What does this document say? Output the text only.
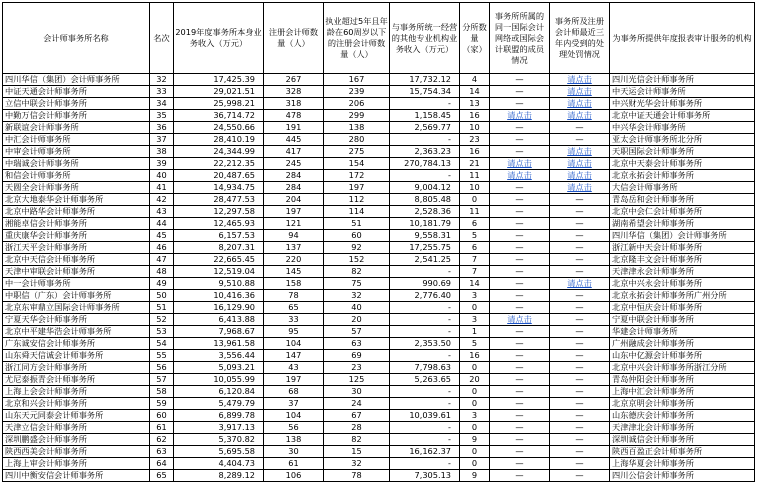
会计师事务所名称	名次	2019年度事务所本身业务收入（万元）	注册会计师数量（人）	执业超过5年且年龄在60周岁以下的注册会计师数量（人）	与事务所统一经营的其他专业机构业务收入（万元）	分所数量（家）	事务所所属的同一国际会计网络或国际会计联盟的成员情况	事务所及注册会计师最近三年内受到的处理处罚情况	为事务所提供年度报表审计服务的机构
四川华信（集团）会计师事务所	32	17,425.39	267	167	17,732.12	4	—	请点击	四川光信会计师事务所
中证天通会计师事务所	33	29,021.51	328	239	15,754.34	14	—	请点击	中天运会计师事务所
立信中联会计师事务所	34	25,998.21	318	206	-	13	—	请点击	中兴财光华会计师事务所
中勤万信会计师事务所	35	36,714.72	478	299	1,158.45	16	请点击	请点击	北京中证天通会计师事务所
新联谊会计师事务所	36	24,550.66	191	138	2,569.77	10	—	—	中兴华会计师事务所
中汇会计师事务所	37	28,410.19	445	280	-	23	—	—	亚太会计师事务所北分所
中审会计师事务所	38	24,344.99	417	275	2,363.23	16	—	请点击	天职国际会计师事务所
中瑞诚会计师事务所	39	22,212.35	245	154	270,784.13	21	请点击	请点击	北京中天泰会计师事务所
和信会计师事务所	40	20,487.65	284	172	-	11	请点击	请点击	北京永拓会计师事务所
天圆全会计师事务所	41	14,934.75	284	197	9,004.12	10	—	请点击	大信会计师事务所
北京大地泰华会计师事务所	42	28,477.53	204	112	8,805.48	0	—	—	青岛岳和会计师事务所
北京中路华会计师事务所	43	12,297.58	197	114	2,528.36	11	—	—	北京中会仁会计师事务所
湘能卓信会计师事务所	44	12,465.93	121	51	10,181.79	6	—	—	湖南希望会计师事务所
重庆康华会计师事务所	45	6,157.53	94	60	9,558.31	5	—	—	四川华信（集团）会计师事务所
浙江天平会计师事务所	46	8,207.31	137	92	17,255.75	6	—	—	浙江新中天会计师事务所
北京中天信会计师事务所	47	22,665.45	220	152	2,541.25	7	—	—	北京隆丰文会计师事务所
天津中审联会计师事务所	48	12,519.04	145	82	-	7	—	—	天津津永会计师事务所
中一会计师事务所	49	9,510.88	158	75	990.69	14	—	请点击	北京中兴永会计师事务所
中职信（广东）会计师事务所	50	10,416.36	78	32	2,776.40	3	—	—	北京永拓会计师事务所广州分所
北京东审鼎立国际会计师事务所	51	16,129.90	65	40	-	0	—	—	北京中恒庆会计师事务所
宁夏天华会计师事务所	52	6,413.88	33	20	-	3	请点击	—	宁夏中联会计师事务所
北京中平建华浩会计师事务所	53	7,968.67	95	57	-	1	—	—	华建会计师事务所
广东诚安信会计师事务所	54	13,961.58	104	63	2,353.50	5	—	—	广州融成会计师事务所
山东舜天信诚会计师事务所	55	3,556.44	147	69	-	16	—	—	山东中亿源会计师事务所
浙江同方会计师事务所	56	5,093.21	43	23	7,798.63	0	—	—	北京中兴会计师事务所浙江分所
尤尼泰振青会计师事务所	57	10,055.99	197	125	5,263.65	20	—	—	青岛仲阳会计师事务所
上海上会会计师事务所	58	6,120.84	68	30	-	0	—	—	上海中汇会计师事务所
北京和兴会计师事务所	59	5,479.79	37	24	-	0	—	—	北京京明会计师事务所
山东天元同泰会计师事务所	60	6,899.78	104	67	10,039.61	3	—	—	山东德庆会计师事务所
天津立信会计师事务所	61	3,917.13	56	28	-	0	—	—	天津津北会计师事务所
深圳鹏盛会计师事务所	62	5,370.82	138	82	-	9	—	—	深圳诚信会计师事务所
陕西西美会计师事务所	63	5,695.58	30	15	16,162.37	0	—	—	陕西百盈正会计师事务所
上海上审会计师事务所	64	4,404.73	61	32	-	0	—	—	上海华夏会计师事务所
四川中衡安信会计师事务所	65	8,289.12	106	78	7,305.13	9	—	—	四川公信会计师事务所
